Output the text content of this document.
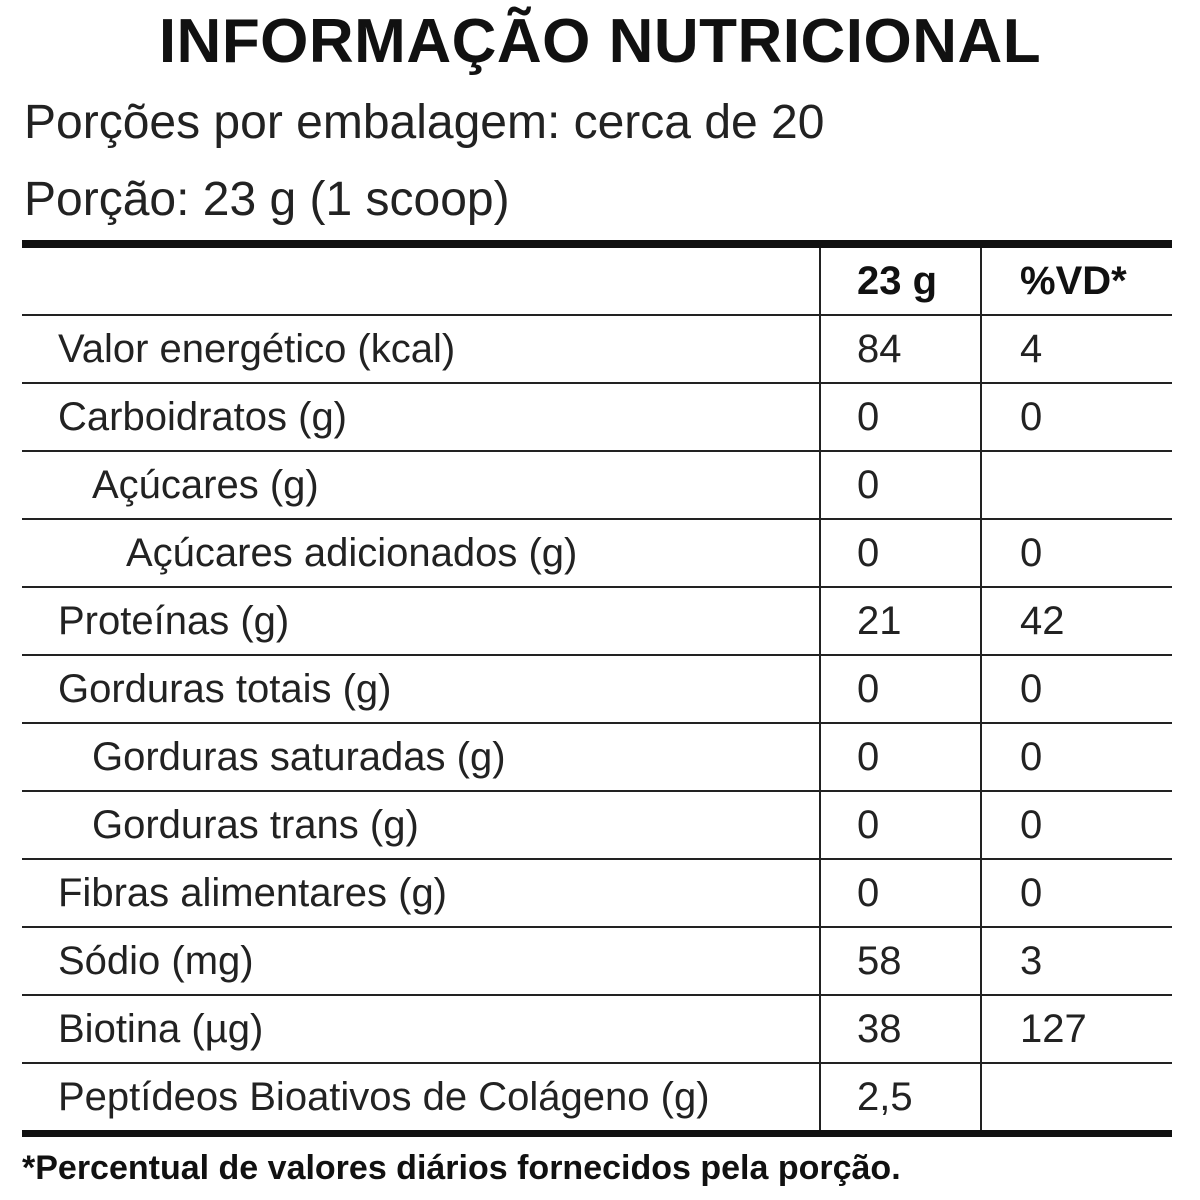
INFORMAÇÃO NUTRICIONAL
Porções por embalagem: cerca de 20
Porção: 23 g (1 scoop)
23 g	%VD*
Valor energético (kcal)	84	4
Carboidratos (g)	0	0
Açúcares (g)	0
Açúcares adicionados (g)	0	0
Proteínas (g)	21	42
Gorduras totais (g)	0	0
Gorduras saturadas (g)	0	0
Gorduras trans (g)	0	0
Fibras alimentares (g)	0	0
Sódio (mg)	58	3
Biotina (µg)	38	127
Peptídeos Bioativos de Colágeno (g)	2,5
*Percentual de valores diários fornecidos pela porção.
